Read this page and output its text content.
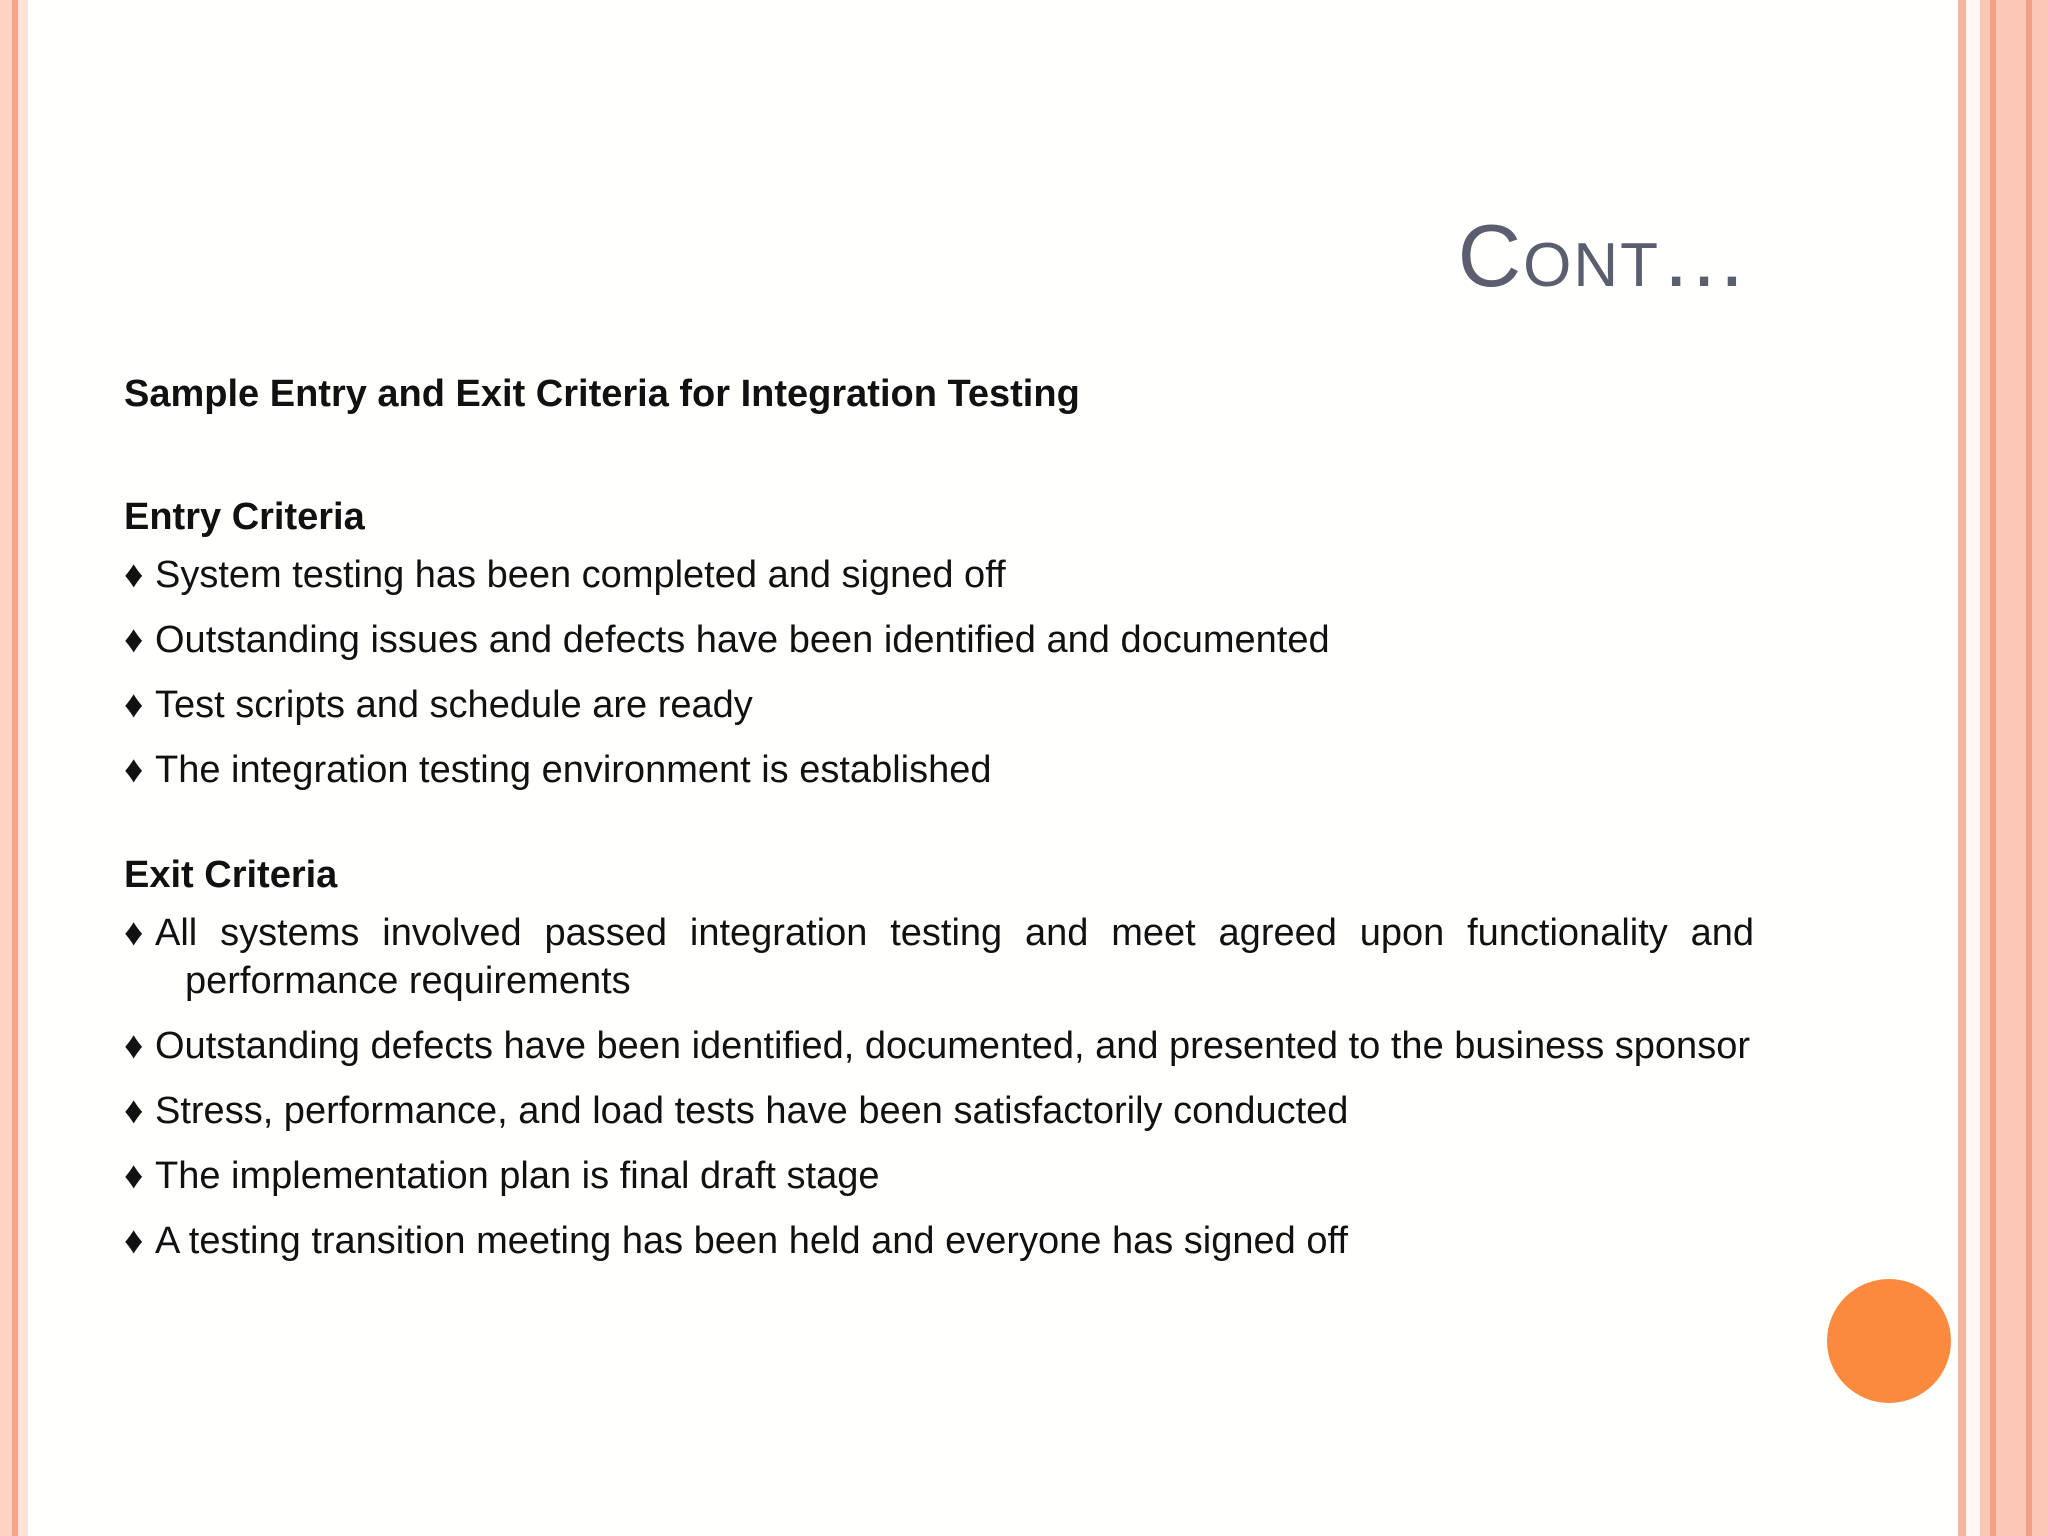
Cont…
Sample Entry and Exit Criteria for Integration Testing
Entry Criteria
♦ System testing has been completed and signed off
♦ Outstanding issues and defects have been identified and documented
♦ Test scripts and schedule are ready
♦ The integration testing environment is established
Exit Criteria
♦ All systems involved passed integration testing and meet agreed upon functionality and performance requirements
♦ Outstanding defects have been identified, documented, and presented to the business sponsor
♦ Stress, performance, and load tests have been satisfactorily conducted
♦ The implementation plan is final draft stage
♦ A testing transition meeting has been held and everyone has signed off
